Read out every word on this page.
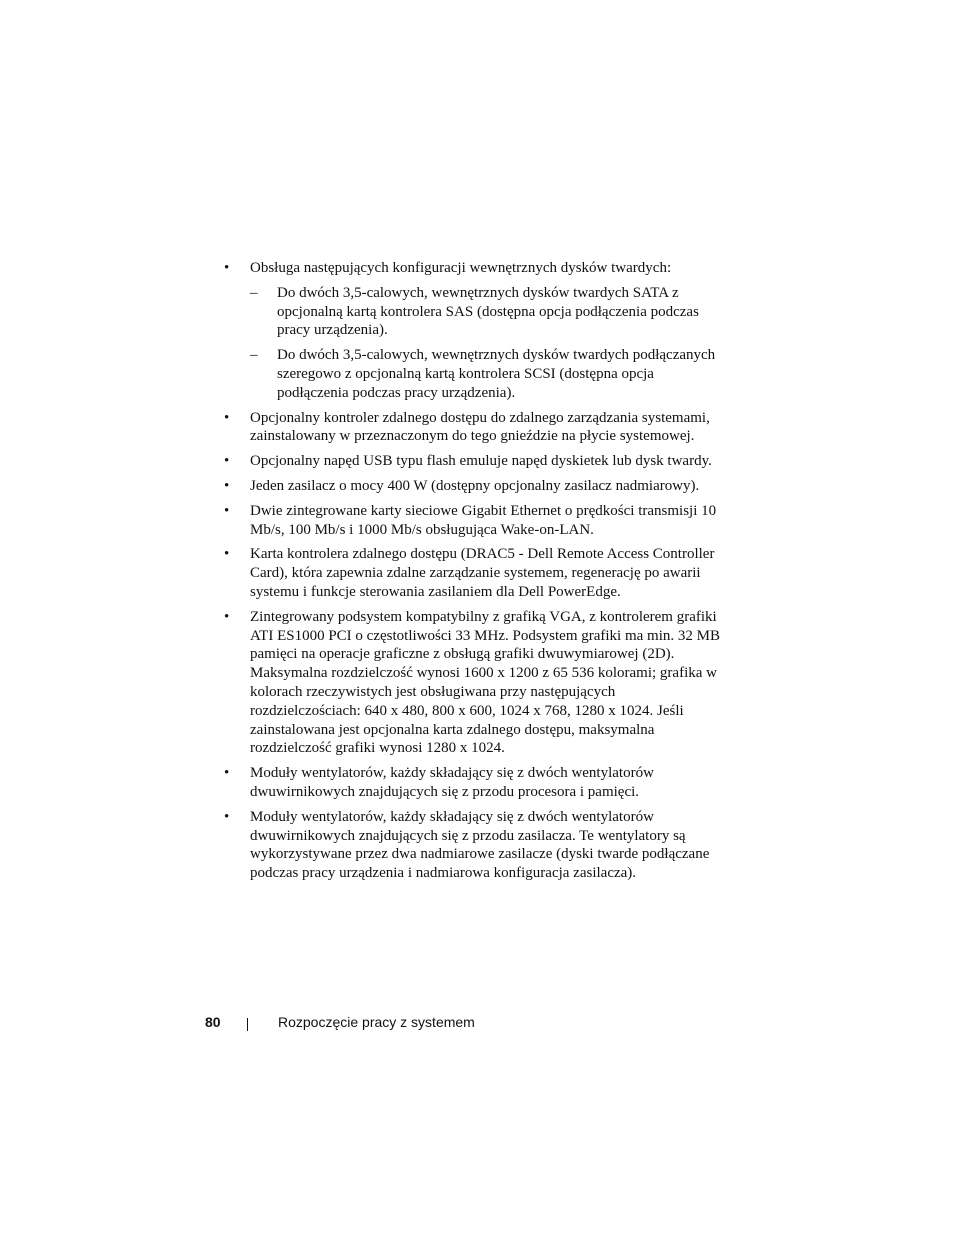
• Obsługa następujących konfiguracji wewnętrznych dysków twardych:
– Do dwóch 3,5-calowych, wewnętrznych dysków twardych SATA z opcjonalną kartą kontrolera SAS (dostępna opcja podłączenia podczas pracy urządzenia).
– Do dwóch 3,5-calowych, wewnętrznych dysków twardych podłączanych szeregowo z opcjonalną kartą kontrolera SCSI (dostępna opcja podłączenia podczas pracy urządzenia).
• Opcjonalny kontroler zdalnego dostępu do zdalnego zarządzania systemami, zainstalowany w przeznaczonym do tego gnieździe na płycie systemowej.
• Opcjonalny napęd USB typu flash emuluje napęd dyskietek lub dysk twardy.
• Jeden zasilacz o mocy 400 W (dostępny opcjonalny zasilacz nadmiarowy).
• Dwie zintegrowane karty sieciowe Gigabit Ethernet o prędkości transmisji 10 Mb/s, 100 Mb/s i 1000 Mb/s obsługująca Wake-on-LAN.
• Karta kontrolera zdalnego dostępu (DRAC5 - Dell Remote Access Controller Card), która zapewnia zdalne zarządzanie systemem, regenerację po awarii systemu i funkcje sterowania zasilaniem dla Dell PowerEdge.
• Zintegrowany podsystem kompatybilny z grafiką VGA, z kontrolerem grafiki ATI ES1000 PCI o częstotliwości 33 MHz. Podsystem grafiki ma min. 32 MB pamięci na operacje graficzne z obsługą grafiki dwuwymiarowej (2D). Maksymalna rozdzielczość wynosi 1600 x 1200 z 65 536 kolorami; grafika w kolorach rzeczywistych jest obsługiwana przy następujących rozdzielczościach: 640 x 480, 800 x 600, 1024 x 768, 1280 x 1024. Jeśli zainstalowana jest opcjonalna karta zdalnego dostępu, maksymalna rozdzielczość grafiki wynosi 1280 x 1024.
• Moduły wentylatorów, każdy składający się z dwóch wentylatorów dwuwirnikowych znajdujących się z przodu procesora i pamięci.
• Moduły wentylatorów, każdy składający się z dwóch wentylatorów dwuwirnikowych znajdujących się z przodu zasilacza. Te wentylatory są wykorzystywane przez dwa nadmiarowe zasilacze (dyski twarde podłączane podczas pracy urządzenia i nadmiarowa konfiguracja zasilacza).
80	Rozpoczęcie pracy z systemem
